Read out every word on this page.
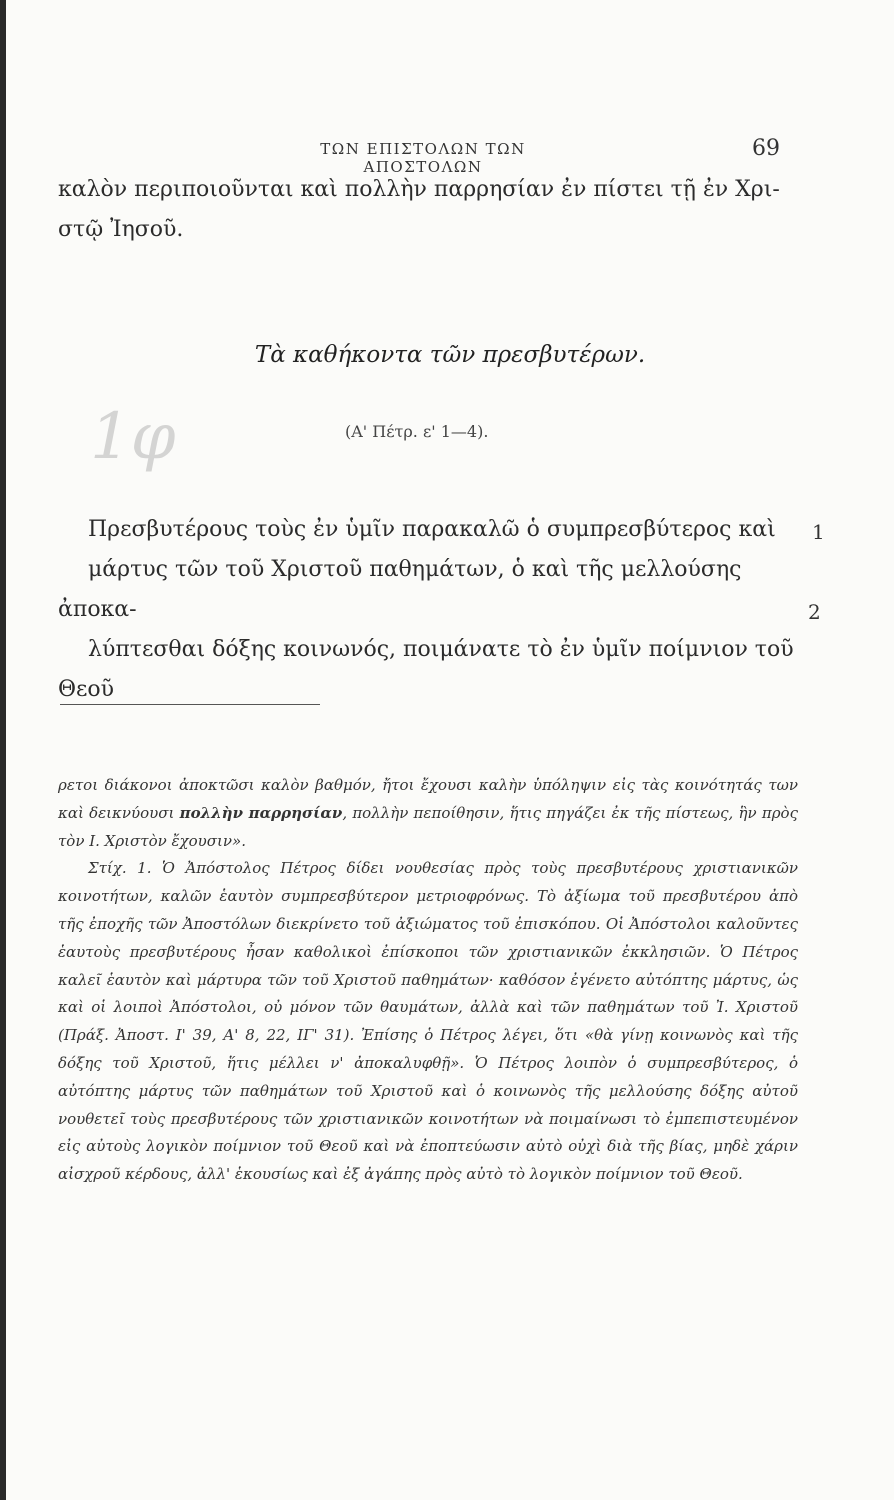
ΤΩΝ ΕΠΙΣΤΟΛΩΝ ΤΩΝ ΑΠΟΣΤΟΛΩΝ
69
καλὸν περιποιοῦνται καὶ πολλὴν παρρησίαν ἐν πίστει τῇ ἐν Χρι-
στῷ Ἰησοῦ.
Τὰ καθήκοντα τῶν πρεσβυτέρων.
1φ	(Α' Πέτρ. ε' 1—4).
Πρεσβυτέρους τοὺς ἐν ὑμῖν παρακαλῶ ὁ συμπρεσβύτερος καὶ
μάρτυς τῶν τοῦ Χριστοῦ παθημάτων, ὁ καὶ τῆς μελλούσης ἀποκα-
λύπτεσθαι δόξης κοινωνός, ποιμάνατε τὸ ἐν ὑμῖν ποίμνιον τοῦ Θεοῦ
1
2

ρετοι διάκονοι ἀποκτῶσι καλὸν βαθμόν, ἤτοι ἔχουσι καλὴν ὑπόληψιν εἰς τὰς κοινότητάς των καὶ δεικνύουσι πολλὴν παρρησίαν, πολλὴν πεποίθησιν, ἥτις πηγάζει ἐκ τῆς πίστεως, ἣν πρὸς τὸν Ι. Χριστὸν ἔχουσιν».

Στίχ. 1. Ὁ Ἀπόστολος Πέτρος δίδει νουθεσίας πρὸς τοὺς πρεσβυτέρους χριστιανικῶν κοινοτήτων, καλῶν ἑαυτὸν συμπρεσβύτερον μετριοφρόνως. Τὸ ἀξίωμα τοῦ πρεσβυτέρου ἀπὸ τῆς ἐποχῆς τῶν Ἀποστόλων διεκρίνετο τοῦ ἀξιώματος τοῦ ἐπισκόπου. Οἱ Ἀπόστολοι καλοῦντες ἑαυτοὺς πρεσβυτέρους ἦσαν καθολικοὶ ἐπίσκοποι τῶν χριστιανικῶν ἐκκλησιῶν. Ὁ Πέτρος καλεῖ ἑαυτὸν καὶ μάρτυρα τῶν τοῦ Χριστοῦ παθημάτων· καθόσον ἐγένετο αὐτόπτης μάρτυς, ὡς καὶ οἱ λοιποὶ Ἀπόστολοι, οὐ μόνον τῶν θαυμάτων, ἀλλὰ καὶ τῶν παθημάτων τοῦ Ἰ. Χριστοῦ (Πράξ. Ἀποστ. Ι' 39, Α' 8, 22, ΙΓ' 31). Ἐπίσης ὁ Πέτρος λέγει, ὅτι «θὰ γίνῃ κοινωνὸς καὶ τῆς δόξης τοῦ Χριστοῦ, ἥτις μέλλει ν' ἀποκαλυφθῇ». Ὁ Πέτρος λοιπὸν ὁ συμπρεσβύτερος, ὁ αὐτόπτης μάρτυς τῶν παθημάτων τοῦ Χριστοῦ καὶ ὁ κοινωνὸς τῆς μελλούσης δόξης αὐτοῦ νουθετεῖ τοὺς πρεσβυτέρους τῶν χριστιανικῶν κοινοτήτων νὰ ποιμαίνωσι τὸ ἐμπεπιστευμένον εἰς αὐτοὺς λογικὸν ποίμνιον τοῦ Θεοῦ καὶ νὰ ἐποπτεύωσιν αὐτὸ οὐχὶ διὰ τῆς βίας, μηδὲ χάριν αἰσχροῦ κέρδους, ἀλλ' ἑκουσίως καὶ ἐξ ἀγάπης πρὸς αὐτὸ τὸ λογικὸν ποίμνιον τοῦ Θεοῦ.
